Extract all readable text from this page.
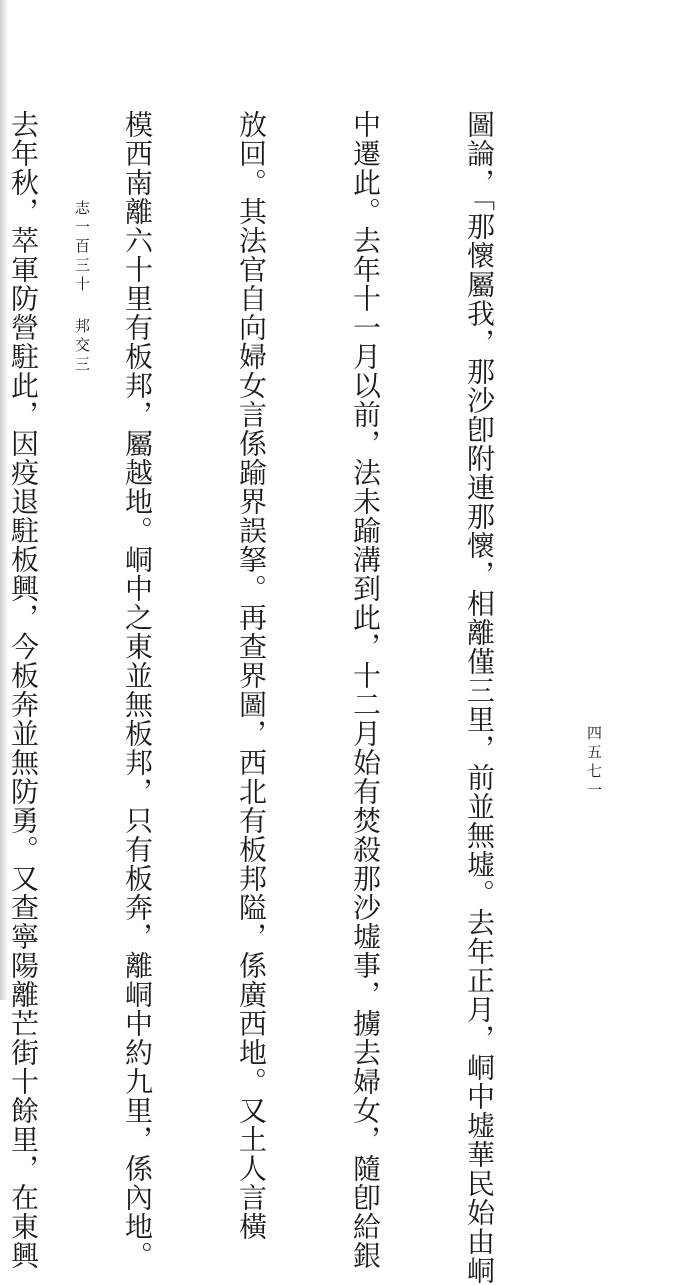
志一百三十
邦交三
四五七一

圖論，「那懷屬我，那沙卽附連那懷，相離僅三里，前並無墟。去年正月，峒中墟華民始由峒

中遷此。去年十一月以前，法未踰溝到此，十二月始有焚殺那沙墟事，擄去婦女，隨卽給銀

放回。其法官自向婦女言係踰界誤拏。再查界圖，西北有板邦隘，係廣西地。又土人言橫

模西南離六十里有板邦，屬越地。峒中之東並無板邦，只有板奔，離峒中約九里，係內地。

去年秋，萃軍防營駐此，因疫退駐板興，今板奔並無防勇。又查寧陽離芒街十餘里，在東興
